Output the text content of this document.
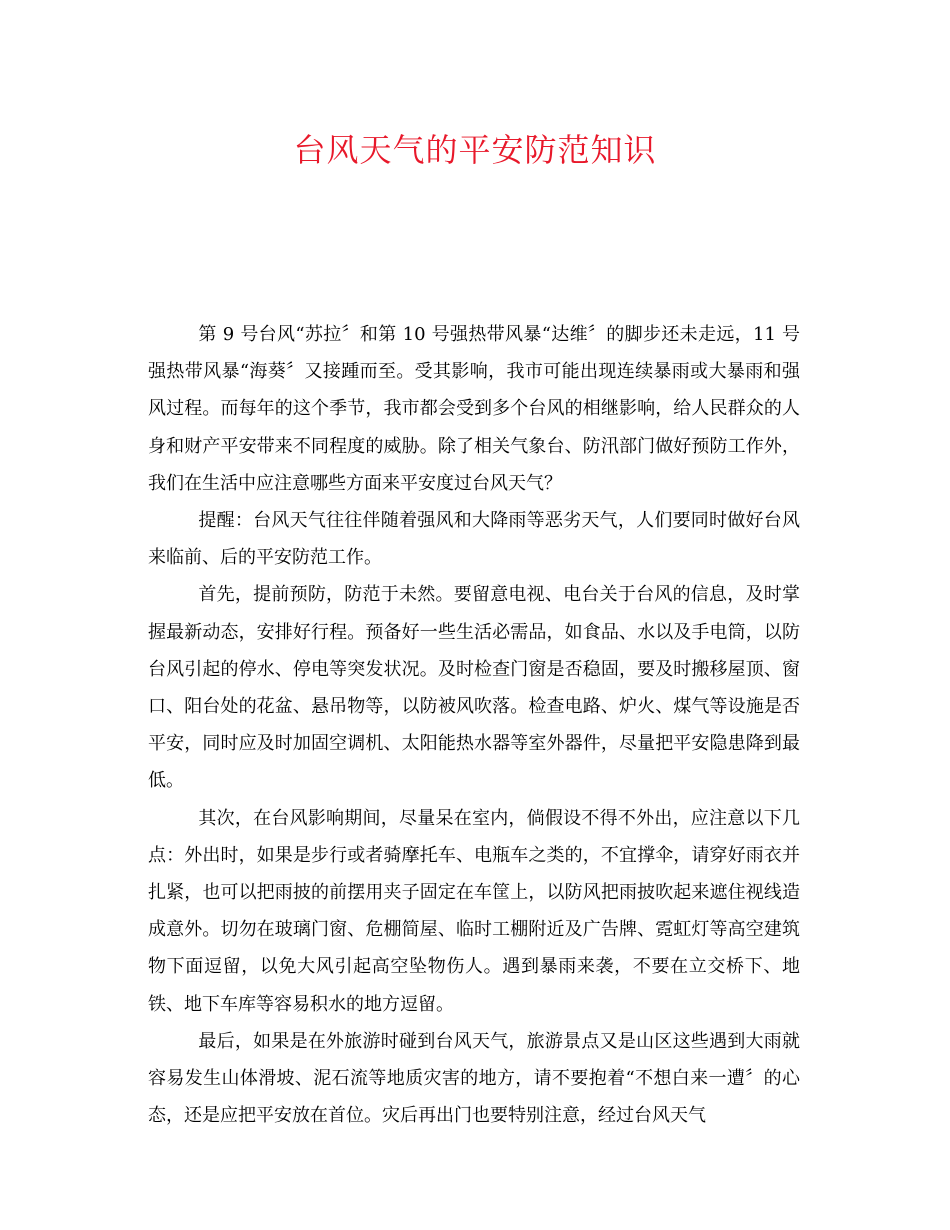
台风天气的平安防范知识

第 9 号台风“苏拉〞和第 10 号强热带风暴“达维〞的脚步还未走远，11 号强热带风暴“海葵〞又接踵而至。受其影响，我市可能出现连续暴雨或大暴雨和强风过程。而每年的这个季节，我市都会受到多个台风的相继影响，给人民群众的人身和财产平安带来不同程度的威胁。除了相关气象台、防汛部门做好预防工作外，我们在生活中应注意哪些方面来平安度过台风天气？

提醒：台风天气往往伴随着强风和大降雨等恶劣天气，人们要同时做好台风来临前、后的平安防范工作。

首先，提前预防，防范于未然。要留意电视、电台关于台风的信息，及时掌握最新动态，安排好行程。预备好一些生活必需品，如食品、水以及手电筒，以防台风引起的停水、停电等突发状况。及时检查门窗是否稳固，要及时搬移屋顶、窗口、阳台处的花盆、悬吊物等，以防被风吹落。检查电路、炉火、煤气等设施是否平安，同时应及时加固空调机、太阳能热水器等室外器件，尽量把平安隐患降到最低。

其次，在台风影响期间，尽量呆在室内，倘假设不得不外出，应注意以下几点：外出时，如果是步行或者骑摩托车、电瓶车之类的，不宜撑伞，请穿好雨衣并扎紧，也可以把雨披的前摆用夹子固定在车筐上，以防风把雨披吹起来遮住视线造成意外。切勿在玻璃门窗、危棚简屋、临时工棚附近及广告牌、霓虹灯等高空建筑物下面逗留，以免大风引起高空坠物伤人。遇到暴雨来袭，不要在立交桥下、地铁、地下车库等容易积水的地方逗留。

最后，如果是在外旅游时碰到台风天气，旅游景点又是山区这些遇到大雨就容易发生山体滑坡、泥石流等地质灾害的地方，请不要抱着“不想白来一遭〞的心态，还是应把平安放在首位。灾后再出门也要特别注意，经过台风天气
